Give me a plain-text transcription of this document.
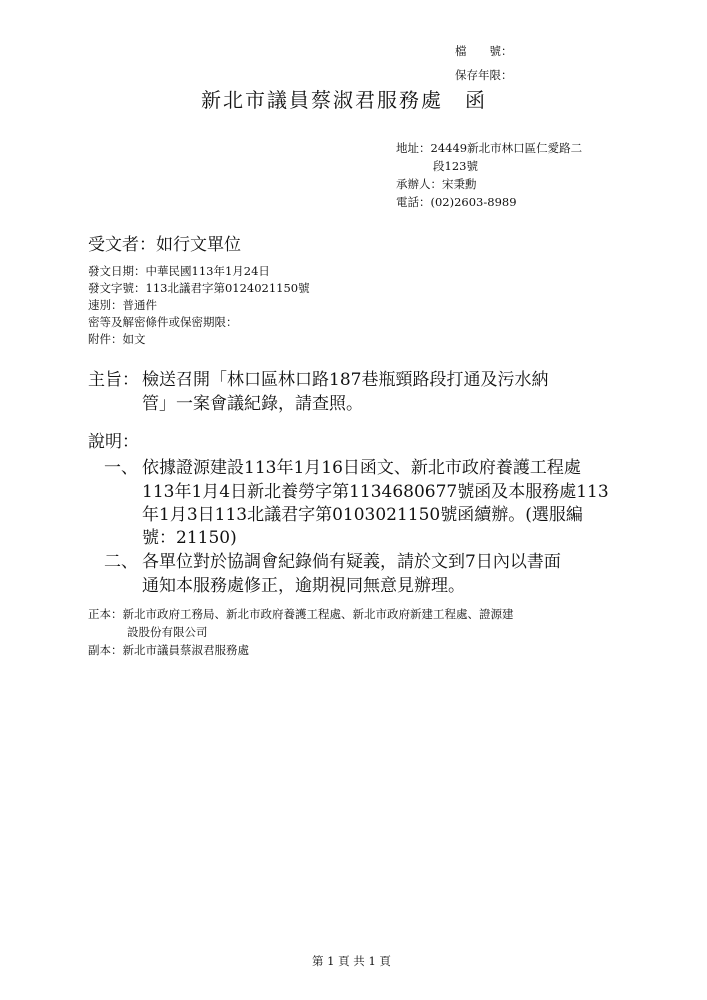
檔　　號：
保存年限：
新北市議員蔡淑君服務處　函
地址：24449新北市林口區仁愛路二
段123號
承辦人：宋秉勳
電話：(02)2603-8989
受文者：如行文單位
發文日期：中華民國113年1月24日
發文字號：113北議君字第0124021150號
速別：普通件
密等及解密條件或保密期限：
附件：如文
主旨： 檢送召開「林口區林口路187巷瓶頸路段打通及污水納
管」一案會議紀錄，請查照。
說明：
一、 依據證源建設113年1月16日函文、新北市政府養護工程處
113年1月4日新北養勞字第1134680677號函及本服務處113
年1月3日113北議君字第0103021150號函續辦。(選服編
號：21150)
二、 各單位對於協調會紀錄倘有疑義，請於文到7日內以書面
通知本服務處修正，逾期視同無意見辦理。
正本：新北市政府工務局、新北市政府養護工程處、新北市政府新建工程處、證源建
設股份有限公司
副本：新北市議員蔡淑君服務處
第 1 頁 共 1 頁
